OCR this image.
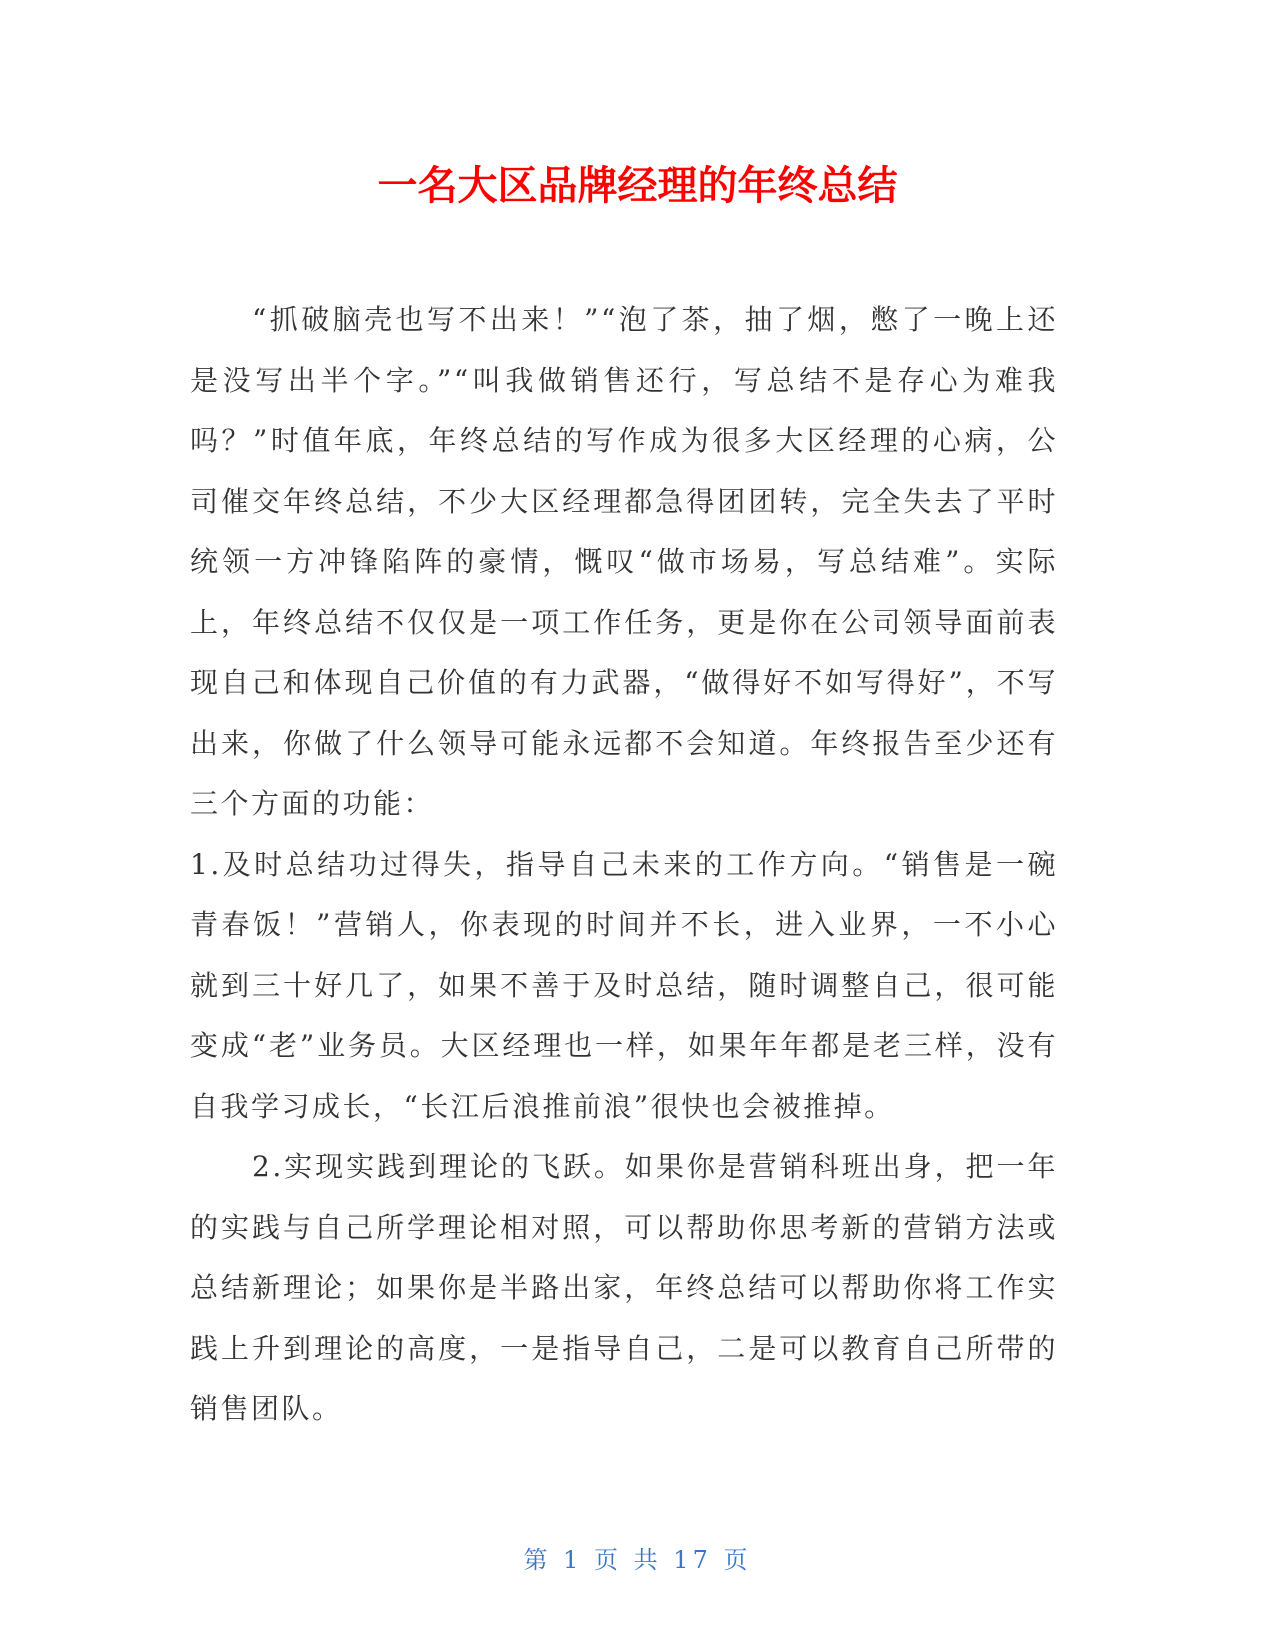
一名大区品牌经理的年终总结

“抓破脑壳也写不出来！”“泡了茶，抽了烟，憋了一晚上还是没写出半个字。”“叫我做销售还行，写总结不是存心为难我吗？”时值年底，年终总结的写作成为很多大区经理的心病，公司催交年终总结，不少大区经理都急得团团转，完全失去了平时统领一方冲锋陷阵的豪情，慨叹“做市场易，写总结难”。实际上，年终总结不仅仅是一项工作任务，更是你在公司领导面前表现自己和体现自己价值的有力武器，“做得好不如写得好”，不写出来，你做了什么领导可能永远都不会知道。年终报告至少还有三个方面的功能：

1.及时总结功过得失，指导自己未来的工作方向。“销售是一碗青春饭！”营销人，你表现的时间并不长，进入业界，一不小心就到三十好几了，如果不善于及时总结，随时调整自己，很可能变成“老”业务员。大区经理也一样，如果年年都是老三样，没有自我学习成长，“长江后浪推前浪”很快也会被推掉。

2.实现实践到理论的飞跃。如果你是营销科班出身，把一年的实践与自己所学理论相对照，可以帮助你思考新的营销方法或总结新理论；如果你是半路出家，年终总结可以帮助你将工作实践上升到理论的高度，一是指导自己，二是可以教育自己所带的销售团队。

第 1 页 共 17 页
